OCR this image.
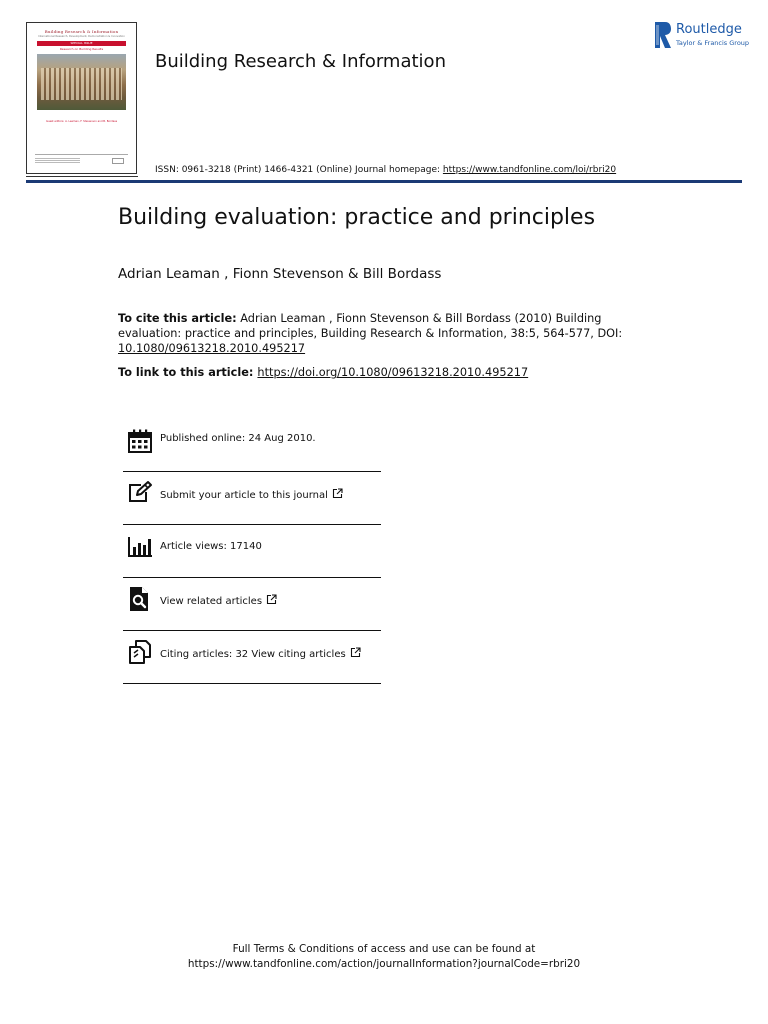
Building Research & Information
International Research, Development, Demonstration & Innovation
SPECIAL ISSUE
Research on Building Results
Guest editors: A. Leaman, F. Stevenson and B. Bordass
Building Research & Information
ISSN: 0961-3218 (Print) 1466-4321 (Online) Journal homepage: https://www.tandfonline.com/loi/rbri20
Routledge
Taylor & Francis Group
Building evaluation: practice and principles
Adrian Leaman , Fionn Stevenson & Bill Bordass
To cite this article: Adrian Leaman , Fionn Stevenson & Bill Bordass (2010) Building evaluation: practice and principles, Building Research & Information, 38:5, 564-577, DOI: 10.1080/09613218.2010.495217
To link to this article: https://doi.org/10.1080/09613218.2010.495217
Published online: 24 Aug 2010.
Submit your article to this journal
Article views: 17140
View related articles
Citing articles: 32 View citing articles
Full Terms & Conditions of access and use can be found at
https://www.tandfonline.com/action/journalInformation?journalCode=rbri20
